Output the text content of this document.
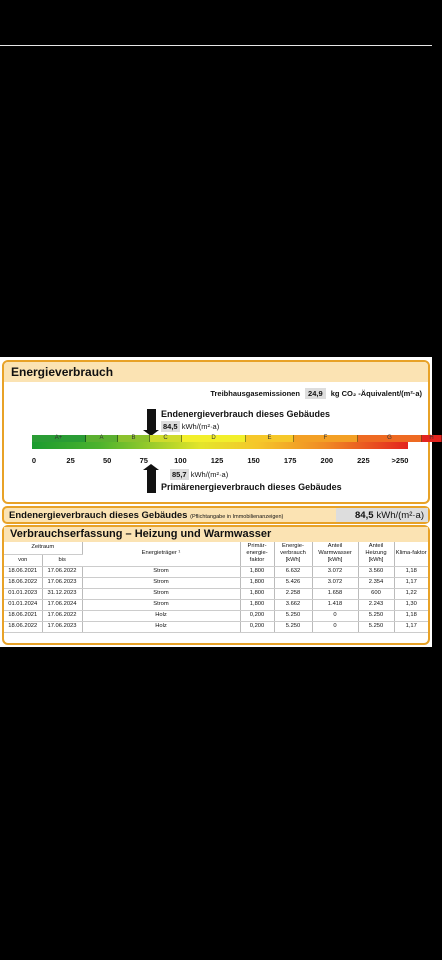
Energieverbrauch
Treibhausgasemissionen 24,9 kg CO₂ -Äquivalent/(m²·a)
Endenergieverbrauch dieses Gebäudes
84,5 kWh/(m²·a)
A+	A	B	C	D	E	F	G	H
0	25	50	75	100	125	150	175	200	225	>250
85,7 kWh/(m²·a)
Primärenergieverbrauch dieses Gebäudes
Endenergieverbrauch dieses Gebäudes (Pflichtangabe in Immobilienanzeigen)	84,5 kWh/(m²·a)
Verbrauchserfassung – Heizung und Warmwasser
Zeitraum		Energieträger ¹	Primär-energie-faktor	Energie-verbrauch [kWh]	Anteil Warmwasser [kWh]	Anteil Heizung [kWh]	Klima-faktor
von	bis						
18.06.2021	17.06.2022	Strom	1,800	6.632	3.072	3.560	1,18
18.06.2022	17.06.2023	Strom	1,800	5.426	3.072	2.354	1,17
01.01.2023	31.12.2023	Strom	1,800	2.258	1.658	600	1,22
01.01.2024	17.06.2024	Strom	1,800	3.662	1.418	2.243	1,30
18.06.2021	17.06.2022	Holz	0,200	5.250	0	5.250	1,18
18.06.2022	17.06.2023	Holz	0,200	5.250	0	5.250	1,17
